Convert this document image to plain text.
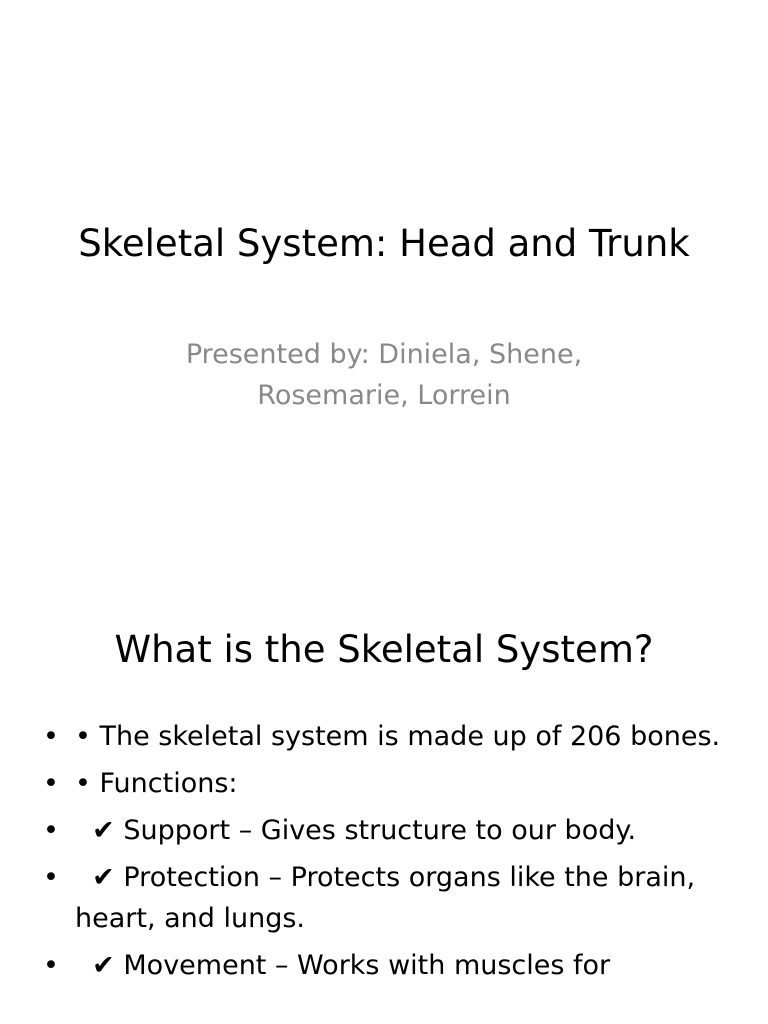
Skeletal System: Head and Trunk
Presented by: Diniela, Shene, Rosemarie, Lorrein
What is the Skeletal System?
• • The skeletal system is made up of 206 bones.
• • Functions:
• ✔ Support – Gives structure to our body.
• ✔ Protection – Protects organs like the brain, heart, and lungs.
• ✔ Movement – Works with muscles for
